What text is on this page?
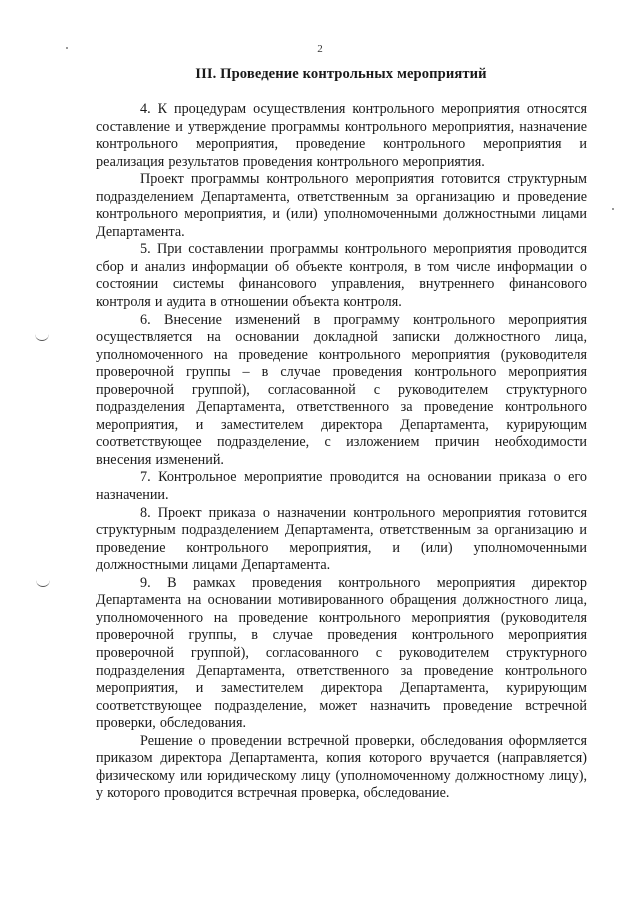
2
III. Проведение контрольных мероприятий

4. К процедурам осуществления контрольного мероприятия относятся составление и утверждение программы контрольного мероприятия, назначение контрольного мероприятия, проведение контрольного мероприятия и реализация результатов проведения контрольного мероприятия.

Проект программы контрольного мероприятия готовится структурным подразделением Департамента, ответственным за организацию и проведение контрольного мероприятия, и (или) уполномоченными должностными лицами Департамента.

5. При составлении программы контрольного мероприятия проводится сбор и анализ информации об объекте контроля, в том числе информации о состоянии системы финансового управления, внутреннего финансового контроля и аудита в отношении объекта контроля.

6. Внесение изменений в программу контрольного мероприятия осуществляется на основании докладной записки должностного лица, уполномоченного на проведение контрольного мероприятия (руководителя проверочной группы – в случае проведения контрольного мероприятия проверочной группой), согласованной с руководителем структурного подразделения Департамента, ответственного за проведение контрольного мероприятия, и заместителем директора Департамента, курирующим соответствующее подразделение, с изложением причин необходимости внесения изменений.

7. Контрольное мероприятие проводится на основании приказа о его назначении.

8. Проект приказа о назначении контрольного мероприятия готовится структурным подразделением Департамента, ответственным за организацию и проведение контрольного мероприятия, и (или) уполномоченными должностными лицами Департамента.

9. В рамках проведения контрольного мероприятия директор Департамента на основании мотивированного обращения должностного лица, уполномоченного на проведение контрольного мероприятия (руководителя проверочной группы, в случае проведения контрольного мероприятия проверочной группой), согласованного с руководителем структурного подразделения Департамента, ответственного за проведение контрольного мероприятия, и заместителем директора Департамента, курирующим соответствующее подразделение, может назначить проведение встречной проверки, обследования.

Решение о проведении встречной проверки, обследования оформляется приказом директора Департамента, копия которого вручается (направляется) физическому или юридическому лицу (уполномоченному должностному лицу), у которого проводится встречная проверка, обследование.
